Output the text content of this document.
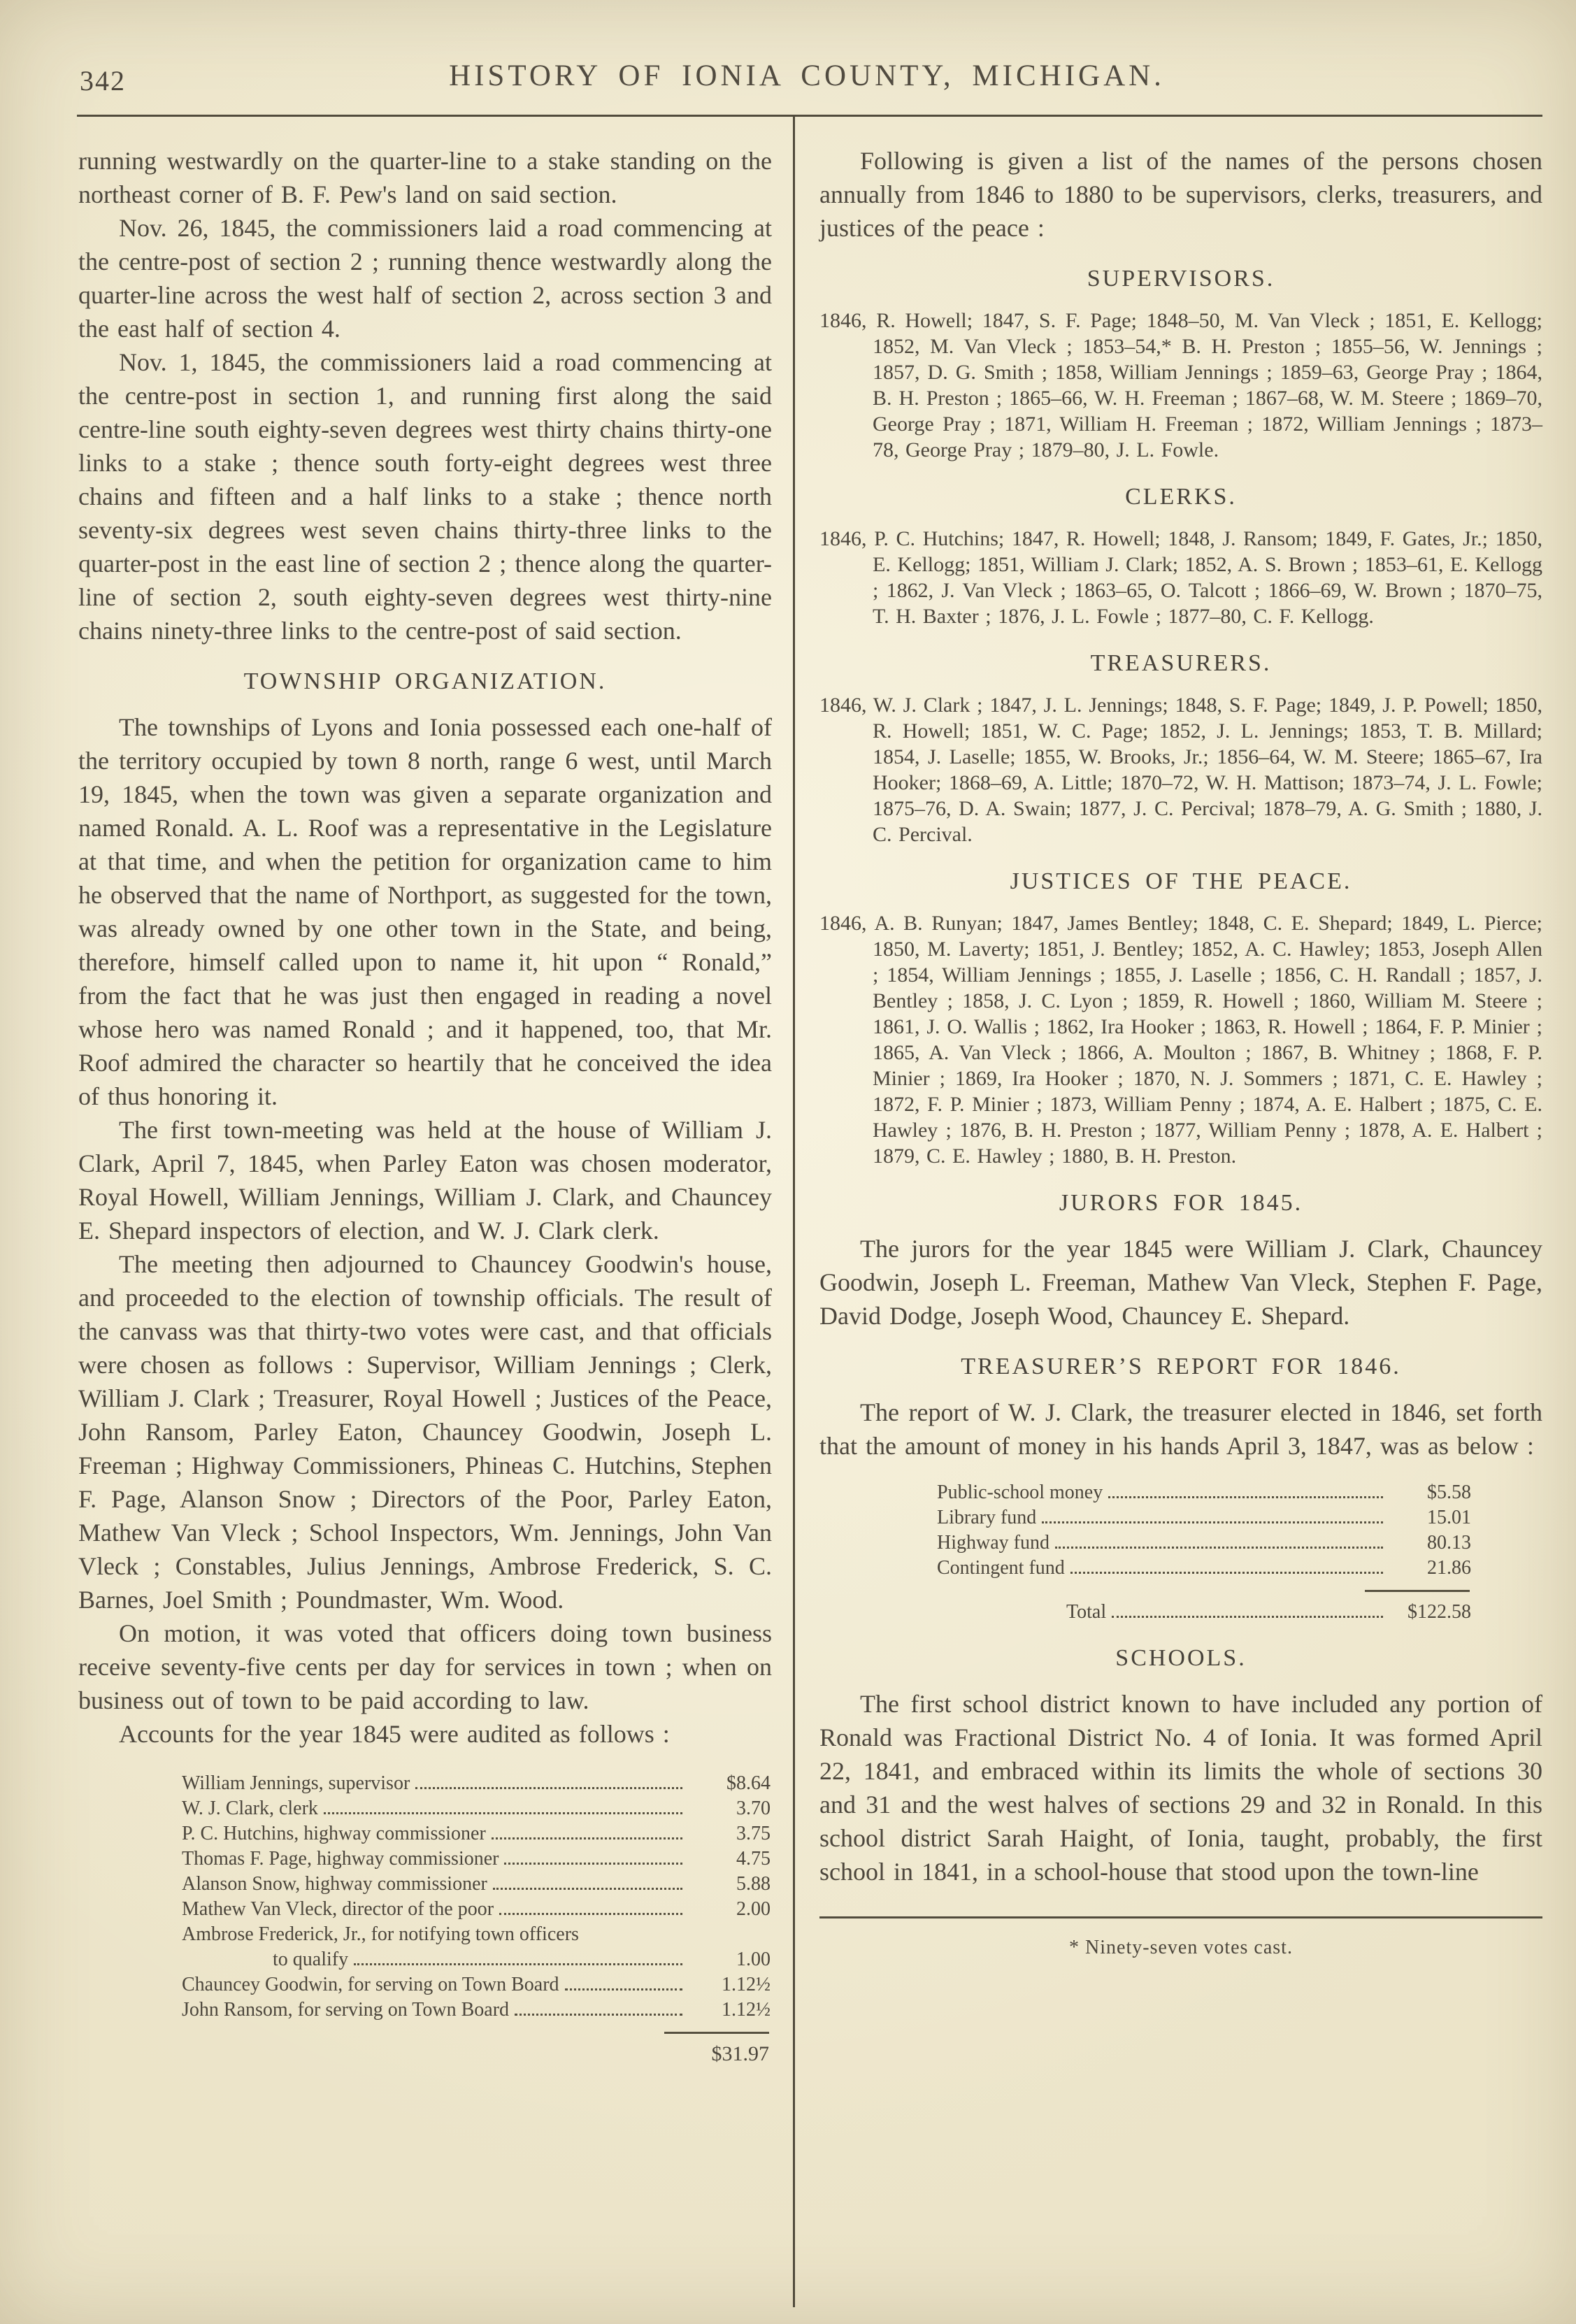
342	HISTORY OF IONIA COUNTY, MICHIGAN.

running westwardly on the quarter-line to a stake standing on the northeast corner of B. F. Pew's land on said section.

Nov. 26, 1845, the commissioners laid a road commencing at the centre-post of section 2 ; running thence westwardly along the quarter-line across the west half of section 2, across section 3 and the east half of section 4.

Nov. 1, 1845, the commissioners laid a road commencing at the centre-post in section 1, and running first along the said centre-line south eighty-seven degrees west thirty chains thirty-one links to a stake ; thence south forty-eight degrees west three chains and fifteen and a half links to a stake ; thence north seventy-six degrees west seven chains thirty-three links to the quarter-post in the east line of section 2 ; thence along the quarter-line of section 2, south eighty-seven degrees west thirty-nine chains ninety-three links to the centre-post of said section.

TOWNSHIP ORGANIZATION.

The townships of Lyons and Ionia possessed each one-half of the territory occupied by town 8 north, range 6 west, until March 19, 1845, when the town was given a separate organization and named Ronald. A. L. Roof was a representative in the Legislature at that time, and when the petition for organization came to him he observed that the name of Northport, as suggested for the town, was already owned by one other town in the State, and being, therefore, himself called upon to name it, hit upon “ Ronald,” from the fact that he was just then engaged in reading a novel whose hero was named Ronald ; and it happened, too, that Mr. Roof admired the character so heartily that he conceived the idea of thus honoring it.

The first town-meeting was held at the house of William J. Clark, April 7, 1845, when Parley Eaton was chosen moderator, Royal Howell, William Jennings, William J. Clark, and Chauncey E. Shepard inspectors of election, and W. J. Clark clerk.

The meeting then adjourned to Chauncey Goodwin's house, and proceeded to the election of township officials. The result of the canvass was that thirty-two votes were cast, and that officials were chosen as follows : Supervisor, William Jennings ; Clerk, William J. Clark ; Treasurer, Royal Howell ; Justices of the Peace, John Ransom, Parley Eaton, Chauncey Goodwin, Joseph L. Freeman ; Highway Commissioners, Phineas C. Hutchins, Stephen F. Page, Alanson Snow ; Directors of the Poor, Parley Eaton, Mathew Van Vleck ; School Inspectors, Wm. Jennings, John Van Vleck ; Constables, Julius Jennings, Ambrose Frederick, S. C. Barnes, Joel Smith ; Poundmaster, Wm. Wood.

On motion, it was voted that officers doing town business receive seventy-five cents per day for services in town ; when on business out of town to be paid according to law.

Accounts for the year 1845 were audited as follows :

William Jennings, supervisor	$8.64
W. J. Clark, clerk	3.70
P. C. Hutchins, highway commissioner	3.75
Thomas F. Page, highway commissioner	4.75
Alanson Snow, highway commissioner	5.88
Mathew Van Vleck, director of the poor	2.00
Ambrose Frederick, Jr., for notifying town officers
to qualify	1.00
Chauncey Goodwin, for serving on Town Board	1.12½
John Ransom, for serving on Town Board	1.12½
$31.97

Following is given a list of the names of the persons chosen annually from 1846 to 1880 to be supervisors, clerks, treasurers, and justices of the peace :

SUPERVISORS.

1846, R. Howell; 1847, S. F. Page; 1848–50, M. Van Vleck ; 1851, E. Kellogg; 1852, M. Van Vleck ; 1853–54,* B. H. Preston ; 1855–56, W. Jennings ; 1857, D. G. Smith ; 1858, William Jennings ; 1859–63, George Pray ; 1864, B. H. Preston ; 1865–66, W. H. Freeman ; 1867–68, W. M. Steere ; 1869–70, George Pray ; 1871, William H. Freeman ; 1872, William Jennings ; 1873–78, George Pray ; 1879–80, J. L. Fowle.

CLERKS.

1846, P. C. Hutchins; 1847, R. Howell; 1848, J. Ransom; 1849, F. Gates, Jr.; 1850, E. Kellogg; 1851, William J. Clark; 1852, A. S. Brown ; 1853–61, E. Kellogg ; 1862, J. Van Vleck ; 1863–65, O. Talcott ; 1866–69, W. Brown ; 1870–75, T. H. Baxter ; 1876, J. L. Fowle ; 1877–80, C. F. Kellogg.

TREASURERS.

1846, W. J. Clark ; 1847, J. L. Jennings; 1848, S. F. Page; 1849, J. P. Powell; 1850, R. Howell; 1851, W. C. Page; 1852, J. L. Jennings; 1853, T. B. Millard; 1854, J. Laselle; 1855, W. Brooks, Jr.; 1856–64, W. M. Steere; 1865–67, Ira Hooker; 1868–69, A. Little; 1870–72, W. H. Mattison; 1873–74, J. L. Fowle; 1875–76, D. A. Swain; 1877, J. C. Percival; 1878–79, A. G. Smith ; 1880, J. C. Percival.

JUSTICES OF THE PEACE.

1846, A. B. Runyan; 1847, James Bentley; 1848, C. E. Shepard; 1849, L. Pierce; 1850, M. Laverty; 1851, J. Bentley; 1852, A. C. Hawley; 1853, Joseph Allen ; 1854, William Jennings ; 1855, J. Laselle ; 1856, C. H. Randall ; 1857, J. Bentley ; 1858, J. C. Lyon ; 1859, R. Howell ; 1860, William M. Steere ; 1861, J. O. Wallis ; 1862, Ira Hooker ; 1863, R. Howell ; 1864, F. P. Minier ; 1865, A. Van Vleck ; 1866, A. Moulton ; 1867, B. Whitney ; 1868, F. P. Minier ; 1869, Ira Hooker ; 1870, N. J. Sommers ; 1871, C. E. Hawley ; 1872, F. P. Minier ; 1873, William Penny ; 1874, A. E. Halbert ; 1875, C. E. Hawley ; 1876, B. H. Preston ; 1877, William Penny ; 1878, A. E. Halbert ; 1879, C. E. Hawley ; 1880, B. H. Preston.

JURORS FOR 1845.

The jurors for the year 1845 were William J. Clark, Chauncey Goodwin, Joseph L. Freeman, Mathew Van Vleck, Stephen F. Page, David Dodge, Joseph Wood, Chauncey E. Shepard.

TREASURER’S REPORT FOR 1846.

The report of W. J. Clark, the treasurer elected in 1846, set forth that the amount of money in his hands April 3, 1847, was as below :

Public-school money	$5.58
Library fund	15.01
Highway fund	80.13
Contingent fund	21.86
Total	$122.58
SCHOOLS.

The first school district known to have included any portion of Ronald was Fractional District No. 4 of Ionia. It was formed April 22, 1841, and embraced within its limits the whole of sections 30 and 31 and the west halves of sections 29 and 32 in Ronald. In this school district Sarah Haight, of Ionia, taught, probably, the first school in 1841, in a school-house that stood upon the town-line

* Ninety-seven votes cast.
